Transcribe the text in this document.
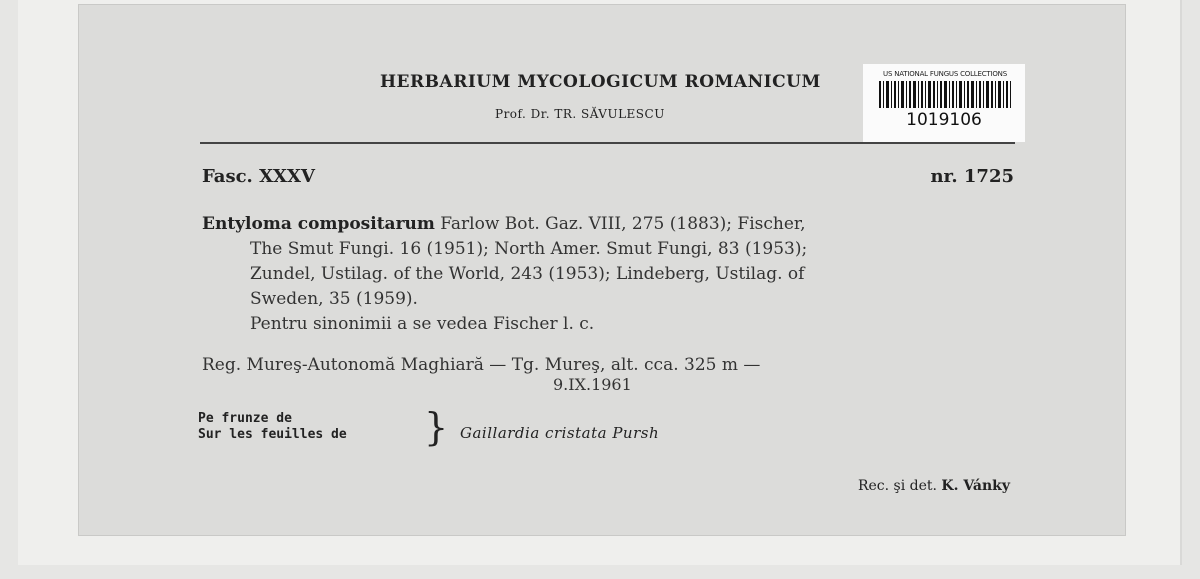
HERBARIUM MYCOLOGICUM ROMANICUM
Prof. Dr. TR. SĂVULESCU
US NATIONAL FUNGUS COLLECTIONS
1019106
Fasc. XXXV	nr. 1725
Entyloma compositarum Farlow Bot. Gaz. VIII, 275 (1883); Fischer,
The Smut Fungi. 16 (1951); North Amer. Smut Fungi, 83 (1953);
Zundel, Ustilag. of the World, 243 (1953); Lindeberg, Ustilag. of
Sweden, 35 (1959).
Pentru sinonimii a se vedea Fischer l. c.
Reg. Mureş-Autonomă Maghiară — Tg. Mureş, alt. cca. 325 m —
9.IX.1961
Pe frunze de
Sur les feuilles de } Gaillardia cristata Pursh
Rec. şi det. K. Vánky
